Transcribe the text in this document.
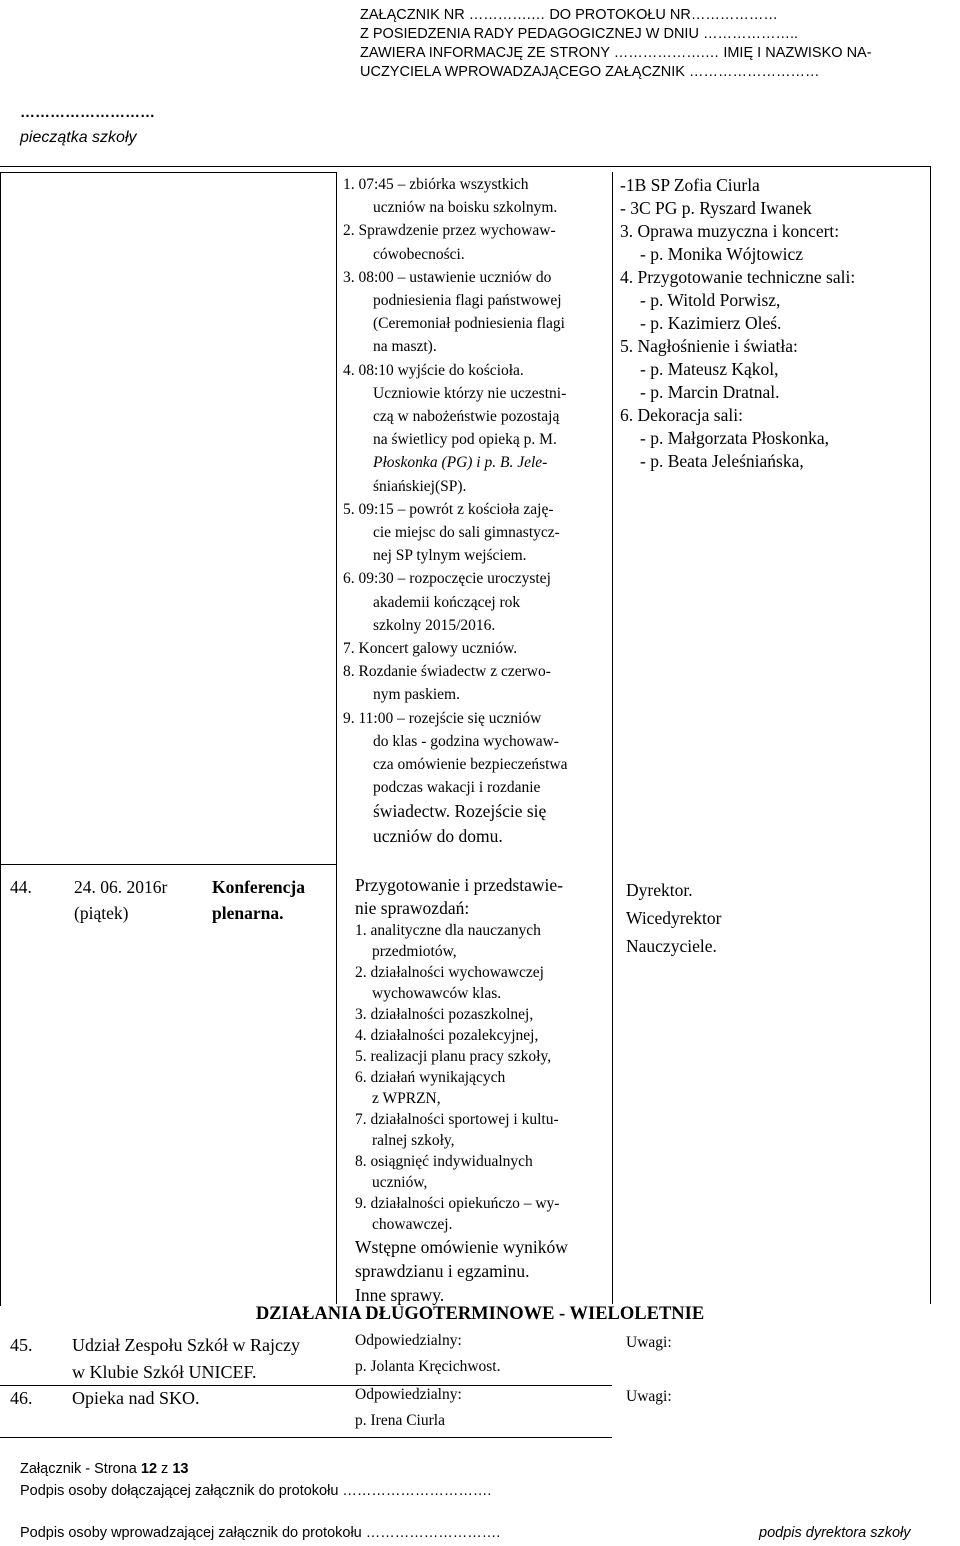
ZAŁĄCZNIK NR ………….… DO PROTOKOŁU NR………………
Z POSIEDZENIA RADY PEDAGOGICZNEJ W DNIU ………………..
ZAWIERA INFORMACJĘ ZE STRONY ……………….… IMIĘ I NAZWISKO NA-
UCZYCIELA WPROWADZAJĄCEGO ZAŁĄCZNIK ………………………
………………………
pieczątka szkoły
1. 07:45 – zbiórka wszystkich
uczniów na boisku szkolnym.
2. Sprawdzenie przez wychowaw-
cówobecności.
3. 08:00 – ustawienie uczniów do
podniesienia flagi państwowej
(Ceremoniał podniesienia flagi
na maszt).
4. 08:10 wyjście do kościoła.
Uczniowie którzy nie uczestni-
czą w nabożeństwie pozostają
na świetlicy pod opieką p. M.
Płoskonka (PG) i p. B. Jele-
śniańskiej(SP).
5. 09:15 – powrót z kościoła zaję-
cie miejsc do sali gimnastycz-
nej SP tylnym wejściem.
6. 09:30 – rozpoczęcie uroczystej
akademii kończącej rok
szkolny 2015/2016.
7. Koncert galowy uczniów.
8. Rozdanie świadectw z czerwo-
nym paskiem.
9. 11:00 – rozejście się uczniów
do klas - godzina wychowaw-
cza omówienie bezpieczeństwa
podczas wakacji i rozdanie
świadectw. Rozejście się
uczniów do domu.
-1B SP Zofia Ciurla
- 3C PG p. Ryszard Iwanek
3. Oprawa muzyczna i koncert:
- p. Monika Wójtowicz
4. Przygotowanie techniczne sali:
- p. Witold Porwisz,
- p. Kazimierz Oleś.
5. Nagłośnienie i światła:
- p. Mateusz Kąkol,
- p. Marcin Dratnal.
6. Dekoracja sali:
- p. Małgorzata Płoskonka,
- p. Beata Jeleśniańska,
44. 24. 06. 2016r
(piątek)
Konferencja
plenarna.
Przygotowanie i przedstawie-
nie sprawozdań:
1. analityczne dla nauczanych
przedmiotów,
2. działalności wychowawczej
wychowawców klas.
3. działalności pozaszkolnej,
4. działalności pozalekcyjnej,
5. realizacji planu pracy szkoły,
6. działań wynikających
z WPRZN,
7. działalności sportowej i kultu-
ralnej szkoły,
8. osiągnięć indywidualnych
uczniów,
9. działalności opiekuńczo – wy-
chowawczej.
Wstępne omówienie wyników
sprawdzianu i egzaminu.
Inne sprawy.
Dyrektor.
Wicedyrektor
Nauczyciele.
DZIAŁANIA DŁUGOTERMINOWE - WIELOLETNIE
45. Udział Zespołu Szkół w Rajczy
w Klubie Szkół UNICEF.
Odpowiedzialny:
p. Jolanta Kręcichwost.
Uwagi:
46. Opieka nad SKO.	Odpowiedzialny:
p. Irena Ciurla
Uwagi:
Załącznik - Strona 12 z 13
Podpis osoby dołączającej załącznik do protokołu ………………………….
Podpis osoby wprowadzającej załącznik do protokołu ……………………….	podpis dyrektora szkoły
